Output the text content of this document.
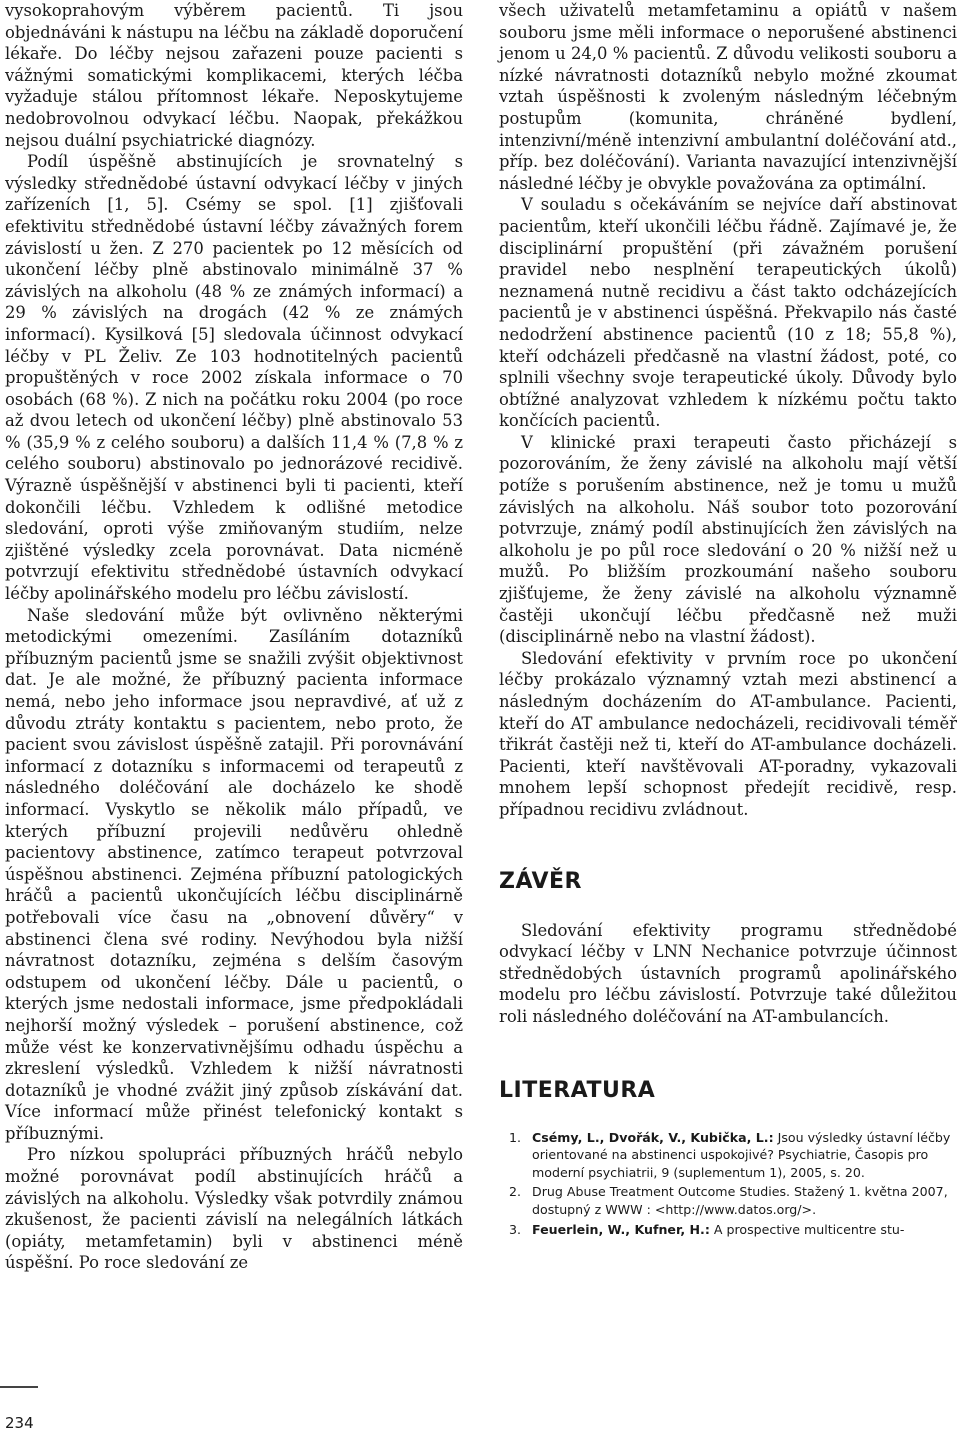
vysokoprahovým výběrem pacientů. Ti jsou objednáváni k nástupu na léčbu na základě doporučení lékaře. Do léčby nejsou zařazeni pouze pacienti s vážnými somatickými komplikacemi, kterých léčba vyžaduje stálou přítomnost lékaře. Neposkytujeme nedobrovolnou odvykací léčbu. Naopak, překážkou nejsou duální psychiatrické diagnózy.

Podíl úspěšně abstinujících je srovnatelný s výsledky střednědobé ústavní odvykací léčby v jiných zařízeních [1, 5]. Csémy se spol. [1] zjišťovali efektivitu střednědobé ústavní léčby závažných forem závislostí u žen. Z 270 pacientek po 12 měsících od ukončení léčby plně abstinovalo minimálně 37 % závislých na alkoholu (48 % ze známých informací) a 29 % závislých na drogách (42 % ze známých informací). Kysilková [5] sledovala účinnost odvykací léčby v PL Želiv. Ze 103 hodnotitelných pacientů propuštěných v roce 2002 získala informace o 70 osobách (68 %). Z nich na počátku roku 2004 (po roce až dvou letech od ukončení léčby) plně abstinovalo 53 % (35,9 % z celého souboru) a dalších 11,4 % (7,8 % z celého souboru) abstinovalo po jednorázové recidivě. Výrazně úspěšnější v abstinenci byli ti pacienti, kteří dokončili léčbu. Vzhledem k odlišné metodice sledování, oproti výše zmiňovaným studiím, nelze zjištěné výsledky zcela porovnávat. Data nicméně potvrzují efektivitu střednědobé ústavních odvykací léčby apolinářského modelu pro léčbu závislostí.

Naše sledování může být ovlivněno některými metodickými omezeními. Zasíláním dotazníků příbuzným pacientů jsme se snažili zvýšit objektivnost dat. Je ale možné, že příbuzný pacienta informace nemá, nebo jeho informace jsou nepravdivé, ať už z důvodu ztráty kontaktu s pacientem, nebo proto, že pacient svou závislost úspěšně zatajil. Při porovnávání informací z dotazníku s informacemi od terapeutů z následného doléčování ale docházelo ke shodě informací. Vyskytlo se několik málo případů, ve kterých příbuzní projevili nedůvěru ohledně pacientovy abstinence, zatímco terapeut potvrzoval úspěšnou abstinenci. Zejména příbuzní patologických hráčů a pacientů ukončujících léčbu disciplinárně potřebovali více času na „obnovení důvěry“ v abstinenci člena své rodiny. Nevýhodou byla nižší návratnost dotazníku, zejména s delším časovým odstupem od ukončení léčby. Dále u pacientů, o kterých jsme nedostali informace, jsme předpokládali nejhorší možný výsledek – porušení abstinence, což může vést ke konzervativnějšímu odhadu úspěchu a zkreslení výsledků. Vzhledem k nižší návratnosti dotazníků je vhodné zvážit jiný způsob získávání dat. Více informací může přinést telefonický kontakt s příbuznými.

Pro nízkou spolupráci příbuzných hráčů nebylo možné porovnávat podíl abstinujících hráčů a závislých na alkoholu. Výsledky však potvrdily známou zkušenost, že pacienti závislí na nelegálních látkách (opiáty, metamfetamin) byli v abstinenci méně úspěšní. Po roce sledování ze

všech uživatelů metamfetaminu a opiátů v našem souboru jsme měli informace o neporušené abstinenci jenom u 24,0 % pacientů. Z důvodu velikosti souboru a nízké návratnosti dotazníků nebylo možné zkoumat vztah úspěšnosti k zvoleným následným léčebným postupům (komunita, chráněné bydlení, intenzivní/méně intenzivní ambulantní doléčování atd., příp. bez doléčování). Varianta navazující intenzivnější následné léčby je obvykle považována za optimální.

V souladu s očekáváním se nejvíce daří abstinovat pacientům, kteří ukončili léčbu řádně. Zajímavé je, že disciplinární propuštění (při závažném porušení pravidel nebo nesplnění terapeutických úkolů) neznamená nutně recidivu a část takto odcházejících pacientů je v abstinenci úspěšná. Překvapilo nás časté nedodržení abstinence pacientů (10 z 18; 55,8 %), kteří odcházeli předčasně na vlastní žádost, poté, co splnili všechny svoje terapeutické úkoly. Důvody bylo obtížné analyzovat vzhledem k nízkému počtu takto končících pacientů.

V klinické praxi terapeuti často přicházejí s pozorováním, že ženy závislé na alkoholu mají větší potíže s porušením abstinence, než je tomu u mužů závislých na alkoholu. Náš soubor toto pozorování potvrzuje, známý podíl abstinujících žen závislých na alkoholu je po půl roce sledování o 20 % nižší než u mužů. Po bližším prozkoumání našeho souboru zjišťujeme, že ženy závislé na alkoholu významně častěji ukončují léčbu předčasně než muži (disciplinárně nebo na vlastní žádost).

Sledování efektivity v prvním roce po ukončení léčby prokázalo významný vztah mezi abstinencí a následným docházením do AT-ambulance. Pacienti, kteří do AT ambulance nedocházeli, recidivovali téměř třikrát častěji než ti, kteří do AT-ambulance docházeli. Pacienti, kteří navštěvovali AT-poradny, vykazovali mnohem lepší schopnost předejít recidivě, resp. případnou recidivu zvládnout.

ZÁVĚR

Sledování efektivity programu střednědobé odvykací léčby v LNN Nechanice potvrzuje účinnost střednědobých ústavních programů apolinářského modelu pro léčbu závislostí. Potvrzuje také důležitou roli následného doléčování na AT-ambulancích.

LITERATURA
1. Csémy, L., Dvořák, V., Kubička, L.: Jsou výsledky ústavní léčby orientované na abstinenci uspokojivé? Psychiatrie, Časopis pro moderní psychiatrii, 9 (suplementum 1), 2005, s. 20.
2. Drug Abuse Treatment Outcome Studies. Stažený 1. května 2007, dostupný z WWW : <http://www.datos.org/>.
3. Feuerlein, W., Kufner, H.: A prospective multicentre stu-
234
